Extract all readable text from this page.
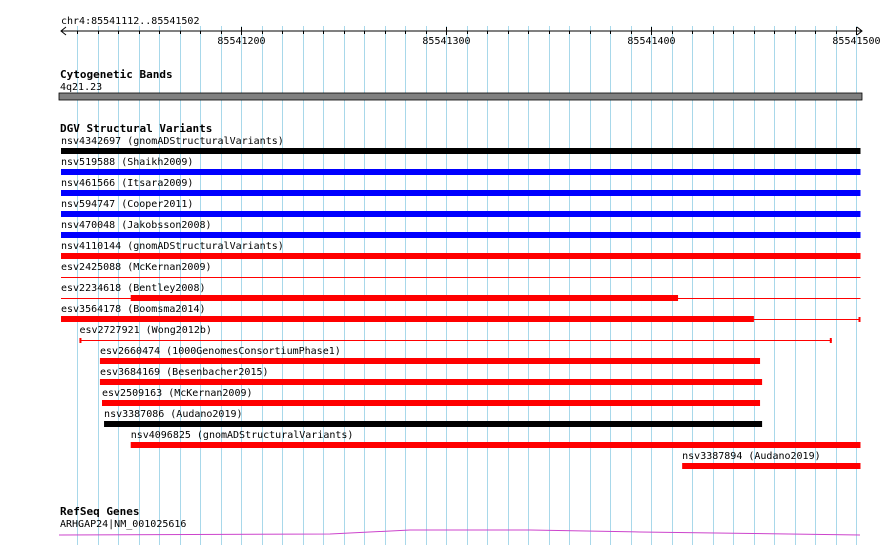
chr4:85541112..85541502
85541200	85541300	85541400	85541500
Cytogenetic Bands
4q21.23
DGV Structural Variants
nsv4342697 (gnomADStructuralVariants)
nsv519588 (Shaikh2009)
nsv461566 (Itsara2009)
nsv594747 (Cooper2011)
nsv470048 (Jakobsson2008)
nsv4110144 (gnomADStructuralVariants)
esv2425088 (McKernan2009)
esv2234618 (Bentley2008)
esv3564178 (Boomsma2014)
esv2727921 (Wong2012b)
esv2660474 (1000GenomesConsortiumPhase1)
esv3684169 (Besenbacher2015)
esv2509163 (McKernan2009)
nsv3387086 (Audano2019)
nsv4096825 (gnomADStructuralVariants)
nsv3387894 (Audano2019)
RefSeq Genes
ARHGAP24|NM_001025616
